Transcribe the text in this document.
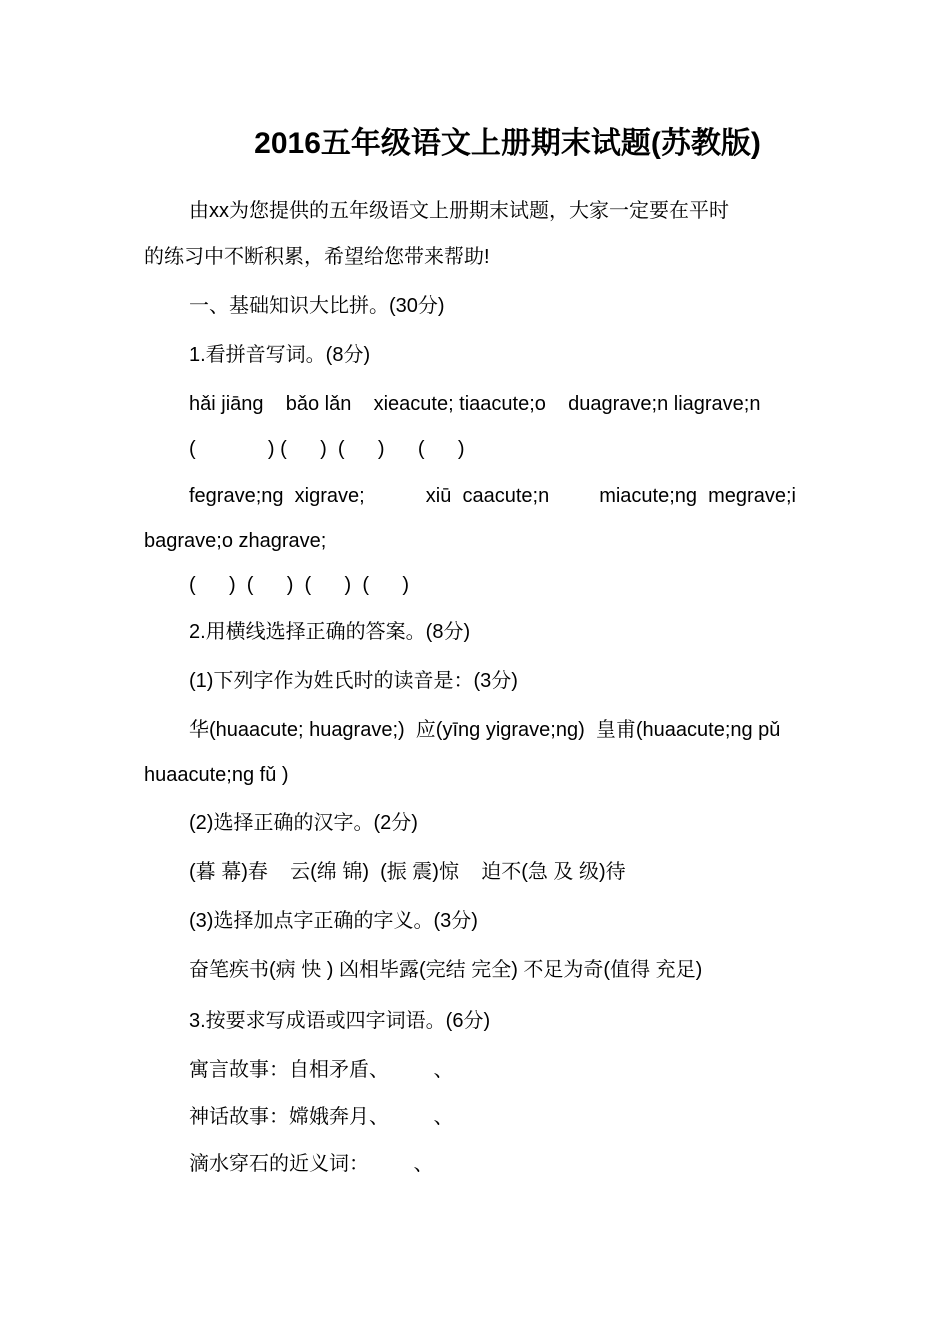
2016五年级语文上册期末试题(苏教版)
由xx为您提供的五年级语文上册期末试题，大家一定要在平时
的练习中不断积累，希望给您带来帮助!
一、基础知识大比拼。(30分)
1.看拼音写词。(8分)
hǎi jiāng    bǎo lǎn    xieacute; tiaacute;o    duagrave;n liagrave;n
(             ) (      )  (      )      (      )
fegrave;ng  xigrave;           xiū  caacute;n         miacute;ng  megrave;i
bagrave;o zhagrave;
(      )  (      )  (      )  (      )
2.用横线选择正确的答案。(8分)
(1)下列字作为姓氏时的读音是：(3分)
华(huaacute; huagrave;)  应(yīng yigrave;ng)  皇甫(huaacute;ng pǔ
huaacute;ng fǔ )
(2)选择正确的汉字。(2分)
(暮 幕)春    云(绵 锦)  (振 震)惊    迫不(急 及 级)待
(3)选择加点字正确的字义。(3分)
奋笔疾书(病 快 ) 凶相毕露(完结 完全) 不足为奇(值得 充足)
3.按要求写成语或四字词语。(6分)
寓言故事：自相矛盾、        、
神话故事：嫦娥奔月、        、
滴水穿石的近义词：        、
